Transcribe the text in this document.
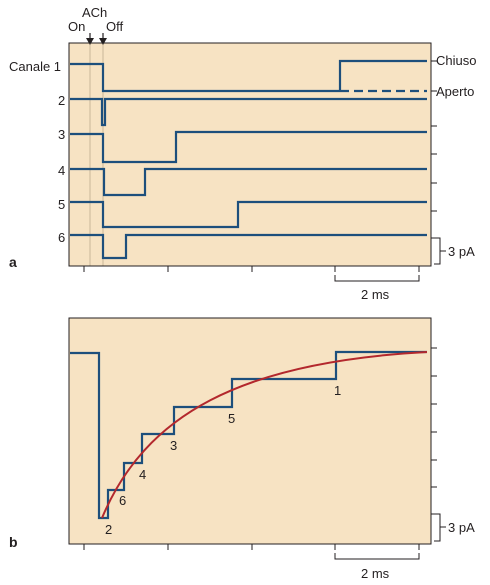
On
ACh
Off
Canale 1
2
3
4
5
6
Chiuso
Aperto
3 pA
2 ms
a
2
6
4
3
5
1
3 pA
2 ms
b
